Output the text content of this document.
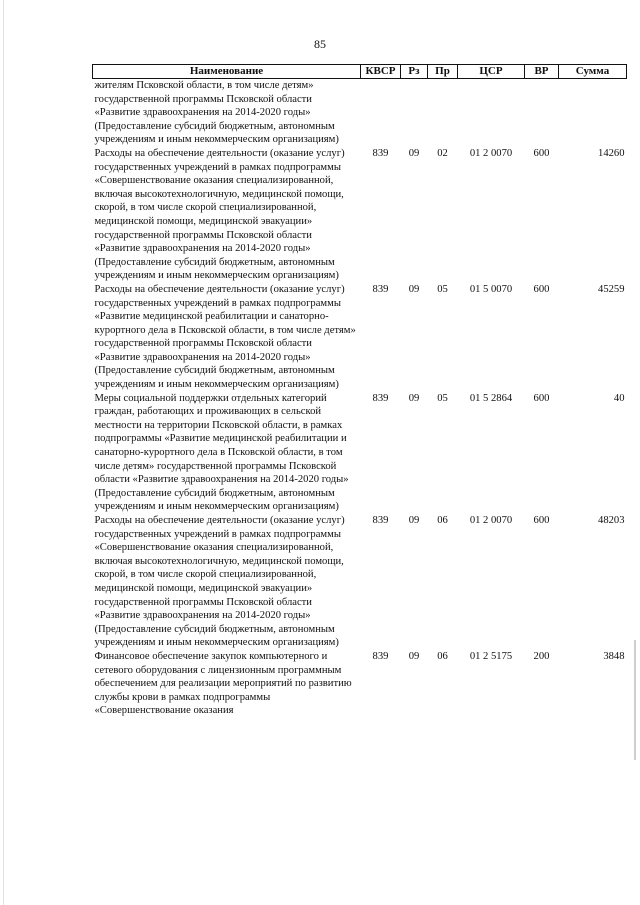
85
Наименование	КВСР	Рз	Пр	ЦСР	ВР	Сумма
жителям Псковской области, в том числе детям» государственной программы Псковской области «Развитие здравоохранения на 2014-2020 годы» (Предоставление субсидий бюджетным, автономным учреждениям и иным некоммерческим организациям)						
Расходы на обеспечение деятельности (оказание услуг) государственных учреждений в рамках подпрограммы «Совершенствование оказания специализированной, включая высокотехнологичную, медицинской помощи, скорой, в том числе скорой специализированной, медицинской помощи, медицинской эвакуации» государственной программы Псковской области «Развитие здравоохранения на 2014-2020 годы» (Предоставление субсидий бюджетным, автономным учреждениям и иным некоммерческим организациям)	839	09	02	01 2 0070	600	14260
Расходы на обеспечение деятельности (оказание услуг) государственных учреждений в рамках подпрограммы «Развитие медицинской реабилитации и санаторно-курортного дела в Псковской области, в том числе детям» государственной программы Псковской области «Развитие здравоохранения на 2014-2020 годы» (Предоставление субсидий бюджетным, автономным учреждениям и иным некоммерческим организациям)	839	09	05	01 5 0070	600	45259
Меры социальной поддержки отдельных категорий граждан, работающих и проживающих в сельской местности на территории Псковской области, в рамках подпрограммы «Развитие медицинской реабилитации и санаторно-курортного дела в Псковской области, в том числе детям» государственной программы Псковской области «Развитие здравоохранения на 2014-2020 годы» (Предоставление субсидий бюджетным, автономным учреждениям и иным некоммерческим организациям)	839	09	05	01 5 2864	600	40
Расходы на обеспечение деятельности (оказание услуг) государственных учреждений в рамках подпрограммы «Совершенствование оказания специализированной, включая высокотехнологичную, медицинской помощи, скорой, в том числе скорой специализированной, медицинской помощи, медицинской эвакуации» государственной программы Псковской области «Развитие здравоохранения на 2014-2020 годы» (Предоставление субсидий бюджетным, автономным учреждениям и иным некоммерческим организациям)	839	09	06	01 2 0070	600	48203
Финансовое обеспечение закупок компьютерного и сетевого оборудования с лицензионным программным обеспечением для реализации мероприятий по развитию службы крови в рамках подпрограммы «Совершенствование оказания	839	09	06	01 2 5175	200	3848
